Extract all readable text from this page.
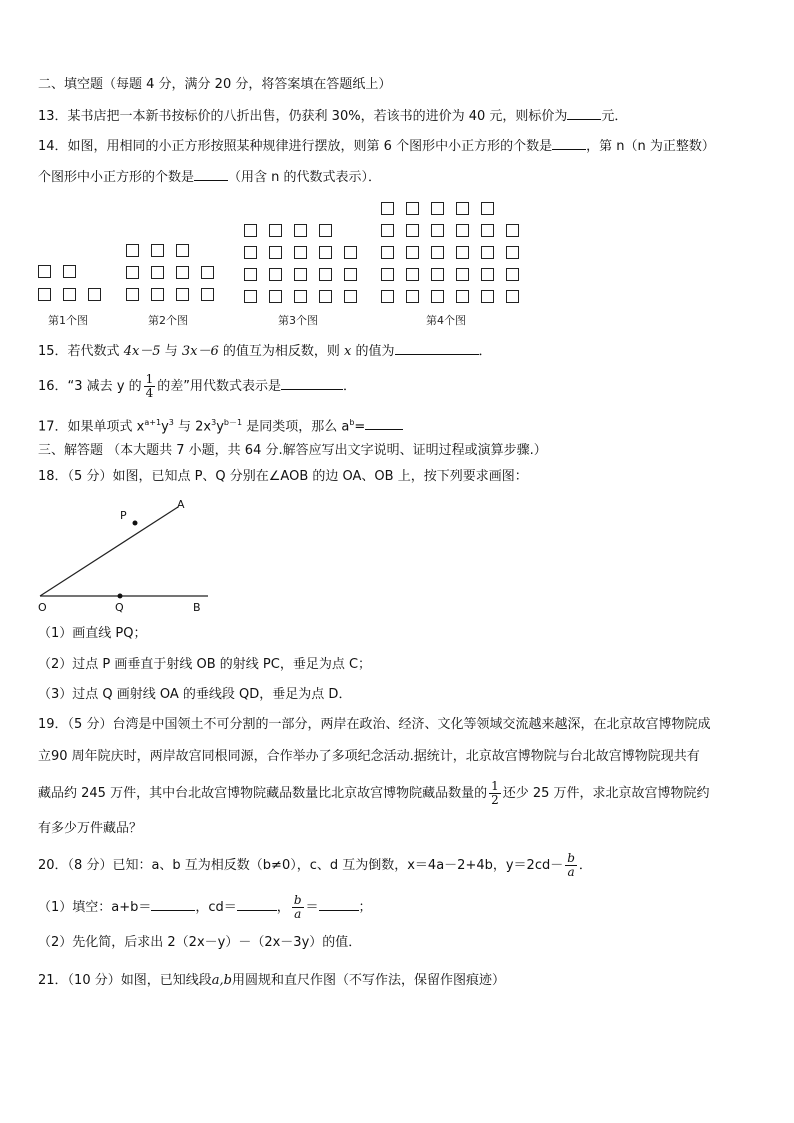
二、填空题（每题 4 分，满分 20 分，将答案填在答题纸上）
13．某书店把一本新书按标价的八折出售，仍获利 30%，若该书的进价为 40 元，则标价为	元．
14．如图，用相同的小正方形按照某种规律进行摆放，则第 6 个图形中小正方形的个数是	，第 n（n 为正整数）
个图形中小正方形的个数是	（用含 n 的代数式表示）．
第1个图	第2个图	第3个图	第4个图
15．若代数式 4x－5 与 3x－6 的值互为相反数，则 x 的值为	．
16．“3 减去 y 的 $\frac{1}{4}$ 的差”用代数式表示是	．
17．如果单项式 $x^{a+1}y^3$ 与 $2x^3y^{b-1}$ 是同类项，那么 $a^b=$
三、解答题 （本大题共 7 小题，共 64 分.解答应写出文字说明、证明过程或演算步骤.）
18．（5 分）如图，已知点 P、Q 分别在∠AOB 的边 OA、OB 上，按下列要求画图：
A
P
O	Q	B
（1）画直线 PQ；
（2）过点 P 画垂直于射线 OB 的射线 PC，垂足为点 C；
（3）过点 Q 画射线 OA 的垂线段 QD，垂足为点 D．
19．（5 分）台湾是中国领土不可分割的一部分，两岸在政治、经济、文化等领域交流越来越深，在北京故宫博物院成
立90 周年院庆时，两岸故宫同根同源，合作举办了多项纪念活动.据统计，北京故宫博物院与台北故宫博物院现共有
藏品约 245 万件，其中台北故宫博物院藏品数量比北京故宫博物院藏品数量的 $\frac{1}{2}$ 还少 25 万件，求北京故宫博物院约
有多少万件藏品？
20．（8 分）已知：a、b 互为相反数（b≠0），c、d 互为倒数，x＝4a－2+4b，$y=2cd- \frac{b}{a}$ ．
（1）填空：a+b＝	，cd＝	， $\frac{b}{a}$ ＝	；
（2）先化简，后求出 2（2x－y）－（2x－3y）的值．
21．（10 分）如图，已知线段a,b用圆规和直尺作图（不写作法，保留作图痕迹）
